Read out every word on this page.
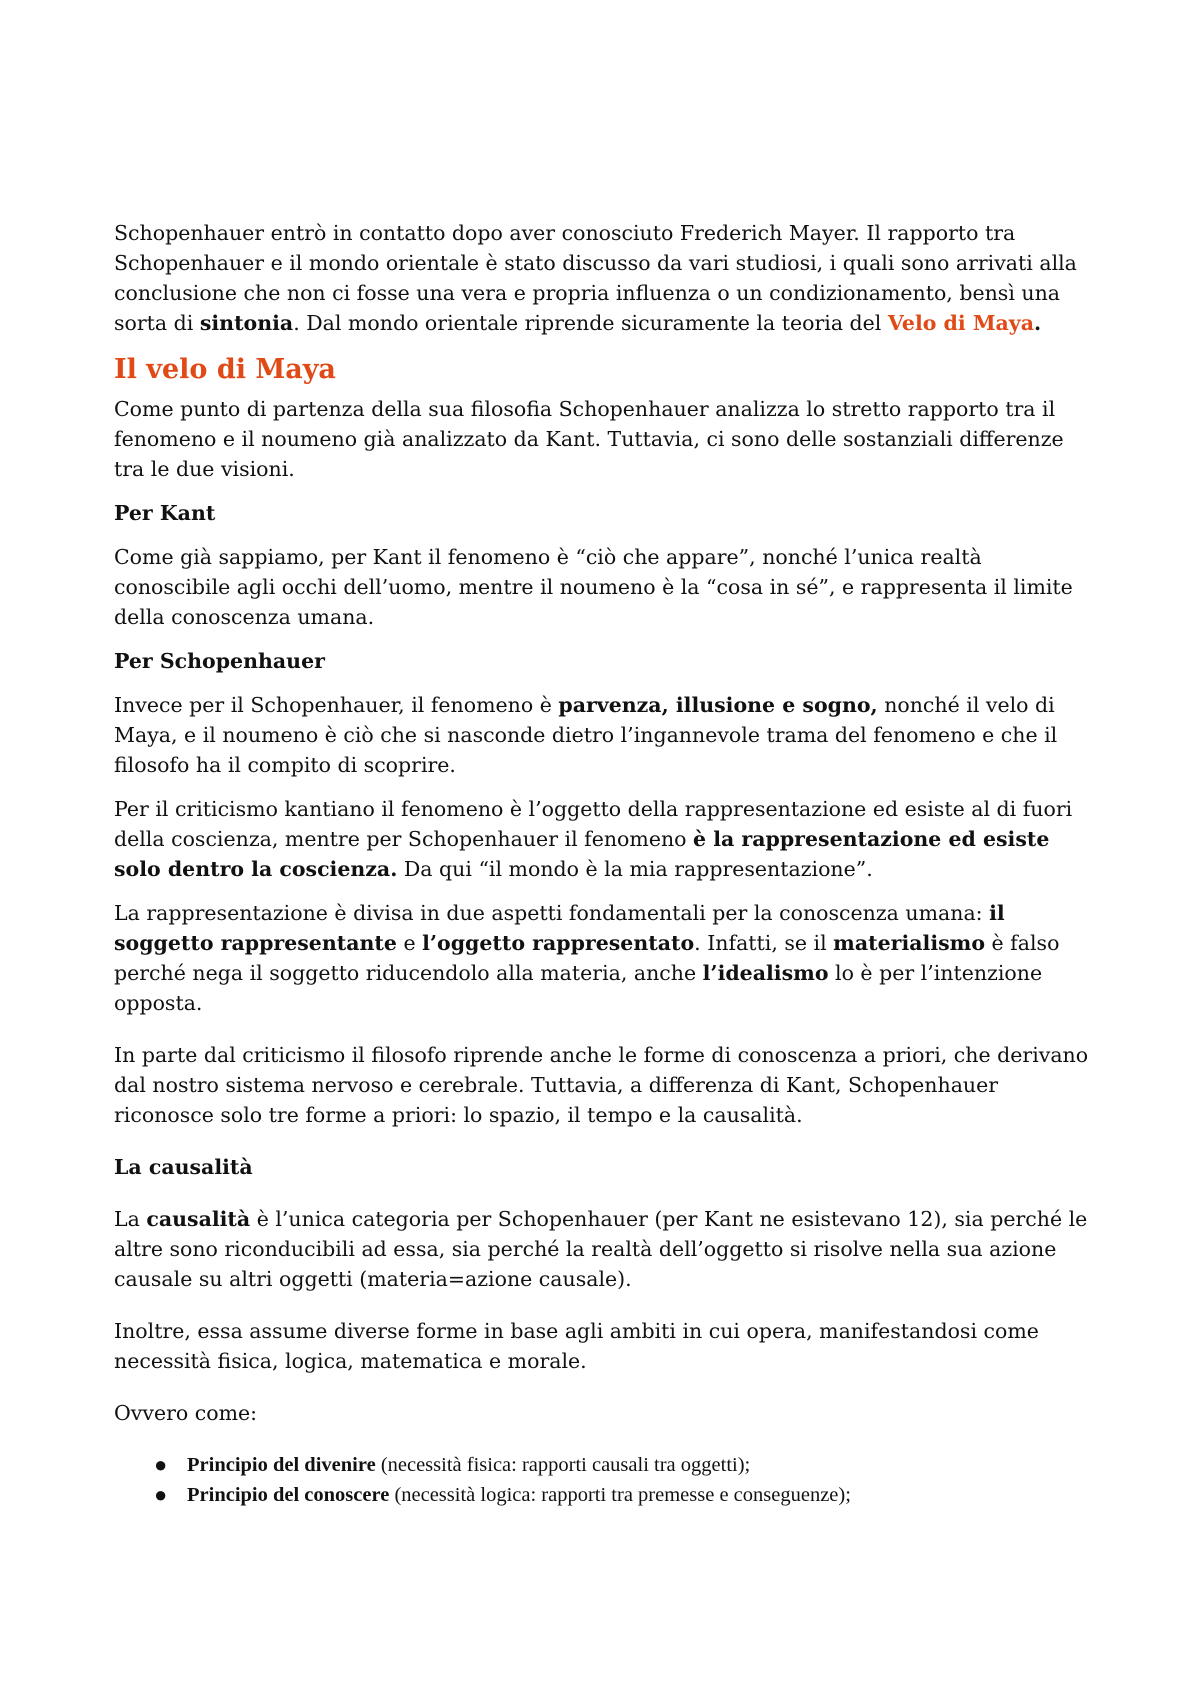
Schopenhauer entrò in contatto dopo aver conosciuto Frederich Mayer. Il rapporto tra Schopenhauer e il mondo orientale è stato discusso da vari studiosi, i quali sono arrivati alla conclusione che non ci fosse una vera e propria influenza o un condizionamento, bensì una sorta di sintonia. Dal mondo orientale riprende sicuramente la teoria del Velo di Maya.

Il velo di Maya

Come punto di partenza della sua filosofia Schopenhauer analizza lo stretto rapporto tra il fenomeno e il noumeno già analizzato da Kant. Tuttavia, ci sono delle sostanziali differenze tra le due visioni.

Per Kant

Come già sappiamo, per Kant il fenomeno è “ciò che appare”, nonché l’unica realtà conoscibile agli occhi dell’uomo, mentre il noumeno è la “cosa in sé”, e rappresenta il limite della conoscenza umana.

Per Schopenhauer

Invece per il Schopenhauer, il fenomeno è parvenza, illusione e sogno, nonché il velo di Maya, e il noumeno è ciò che si nasconde dietro l’ingannevole trama del fenomeno e che il filosofo ha il compito di scoprire.

Per il criticismo kantiano il fenomeno è l’oggetto della rappresentazione ed esiste al di fuori della coscienza, mentre per Schopenhauer il fenomeno è la rappresentazione ed esiste solo dentro la coscienza. Da qui “il mondo è la mia rappresentazione”.

La rappresentazione è divisa in due aspetti fondamentali per la conoscenza umana: il soggetto rappresentante e l’oggetto rappresentato. Infatti, se il materialismo è falso perché nega il soggetto riducendolo alla materia, anche l’idealismo lo è per l’intenzione opposta.

In parte dal criticismo il filosofo riprende anche le forme di conoscenza a priori, che derivano dal nostro sistema nervoso e cerebrale. Tuttavia, a differenza di Kant, Schopenhauer riconosce solo tre forme a priori: lo spazio, il tempo e la causalità.

La causalità

La causalità è l’unica categoria per Schopenhauer (per Kant ne esistevano 12), sia perché le altre sono riconducibili ad essa, sia perché la realtà dell’oggetto si risolve nella sua azione causale su altri oggetti (materia=azione causale).

Inoltre, essa assume diverse forme in base agli ambiti in cui opera, manifestandosi come necessità fisica, logica, matematica e morale.

Ovvero come:

● Principio del divenire (necessità fisica: rapporti causali tra oggetti);
● Principio del conoscere (necessità logica: rapporti tra premesse e conseguenze);
